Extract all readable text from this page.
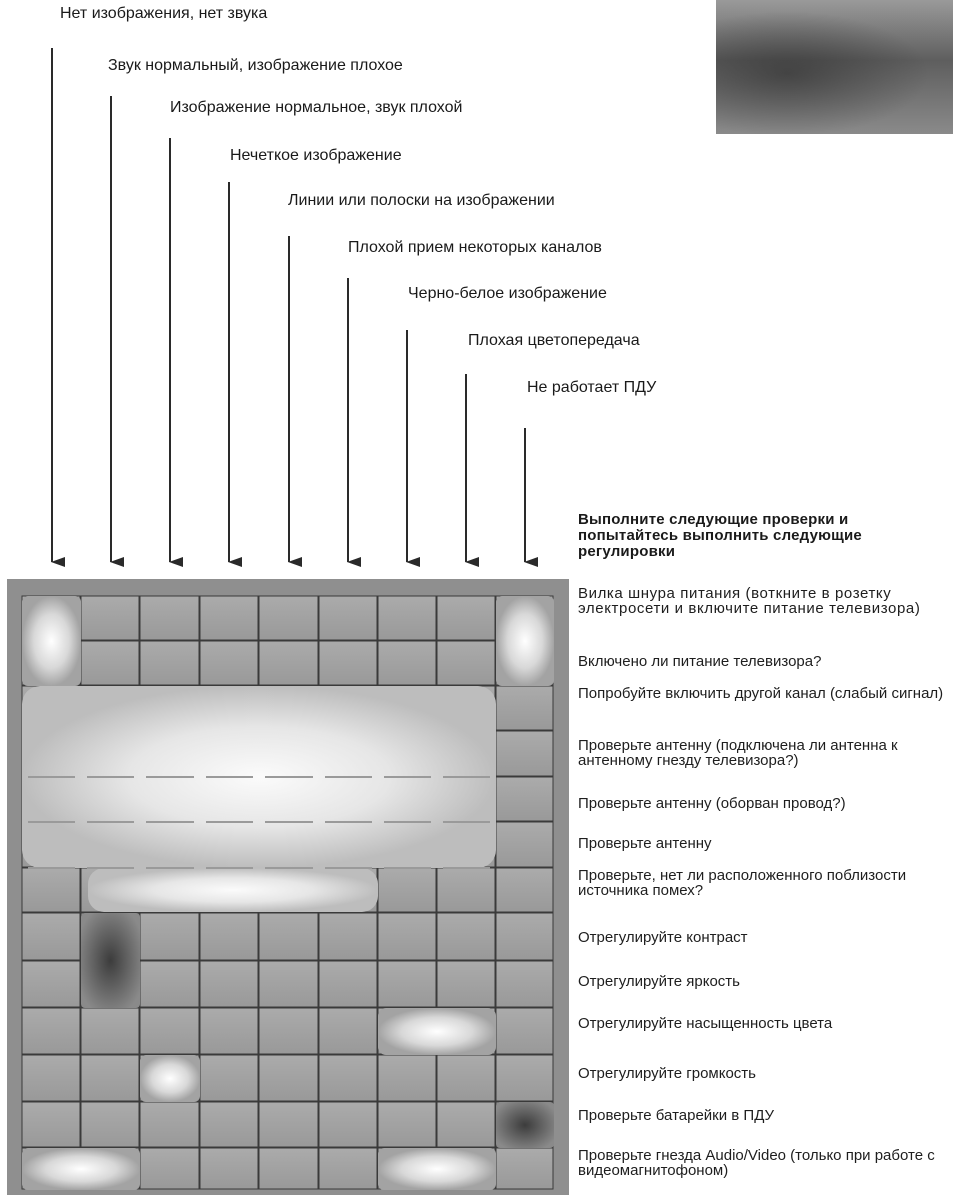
Нет изображения, нет звука
Звук нормальный, изображение плохое
Изображение нормальное, звук плохой
Нечеткое изображение
Линии или полоски на изображении
Плохой прием некоторых каналов
Черно-белое изображение
Плохая цветопередача
Не работает ПДУ
Выполните следующие проверки и попытайтесь выполнить следующие регулировки
Вилка шнура питания (воткните в розетку электросети и включите питание телевизора)
Включено ли питание телевизора?
Попробуйте включить другой канал (слабый сигнал)
Проверьте антенну (подключена ли антенна к антенному гнезду телевизора?)
Проверьте антенну (оборван провод?)
Проверьте антенну
Проверьте, нет ли расположенного поблизости источника помех?
Отрегулируйте контраст
Отрегулируйте яркость
Отрегулируйте насыщенность цвета
Отрегулируйте громкость
Проверьте батарейки в ПДУ
Проверьте гнезда Audio/Video (только при работе с видеомагнитофоном)
